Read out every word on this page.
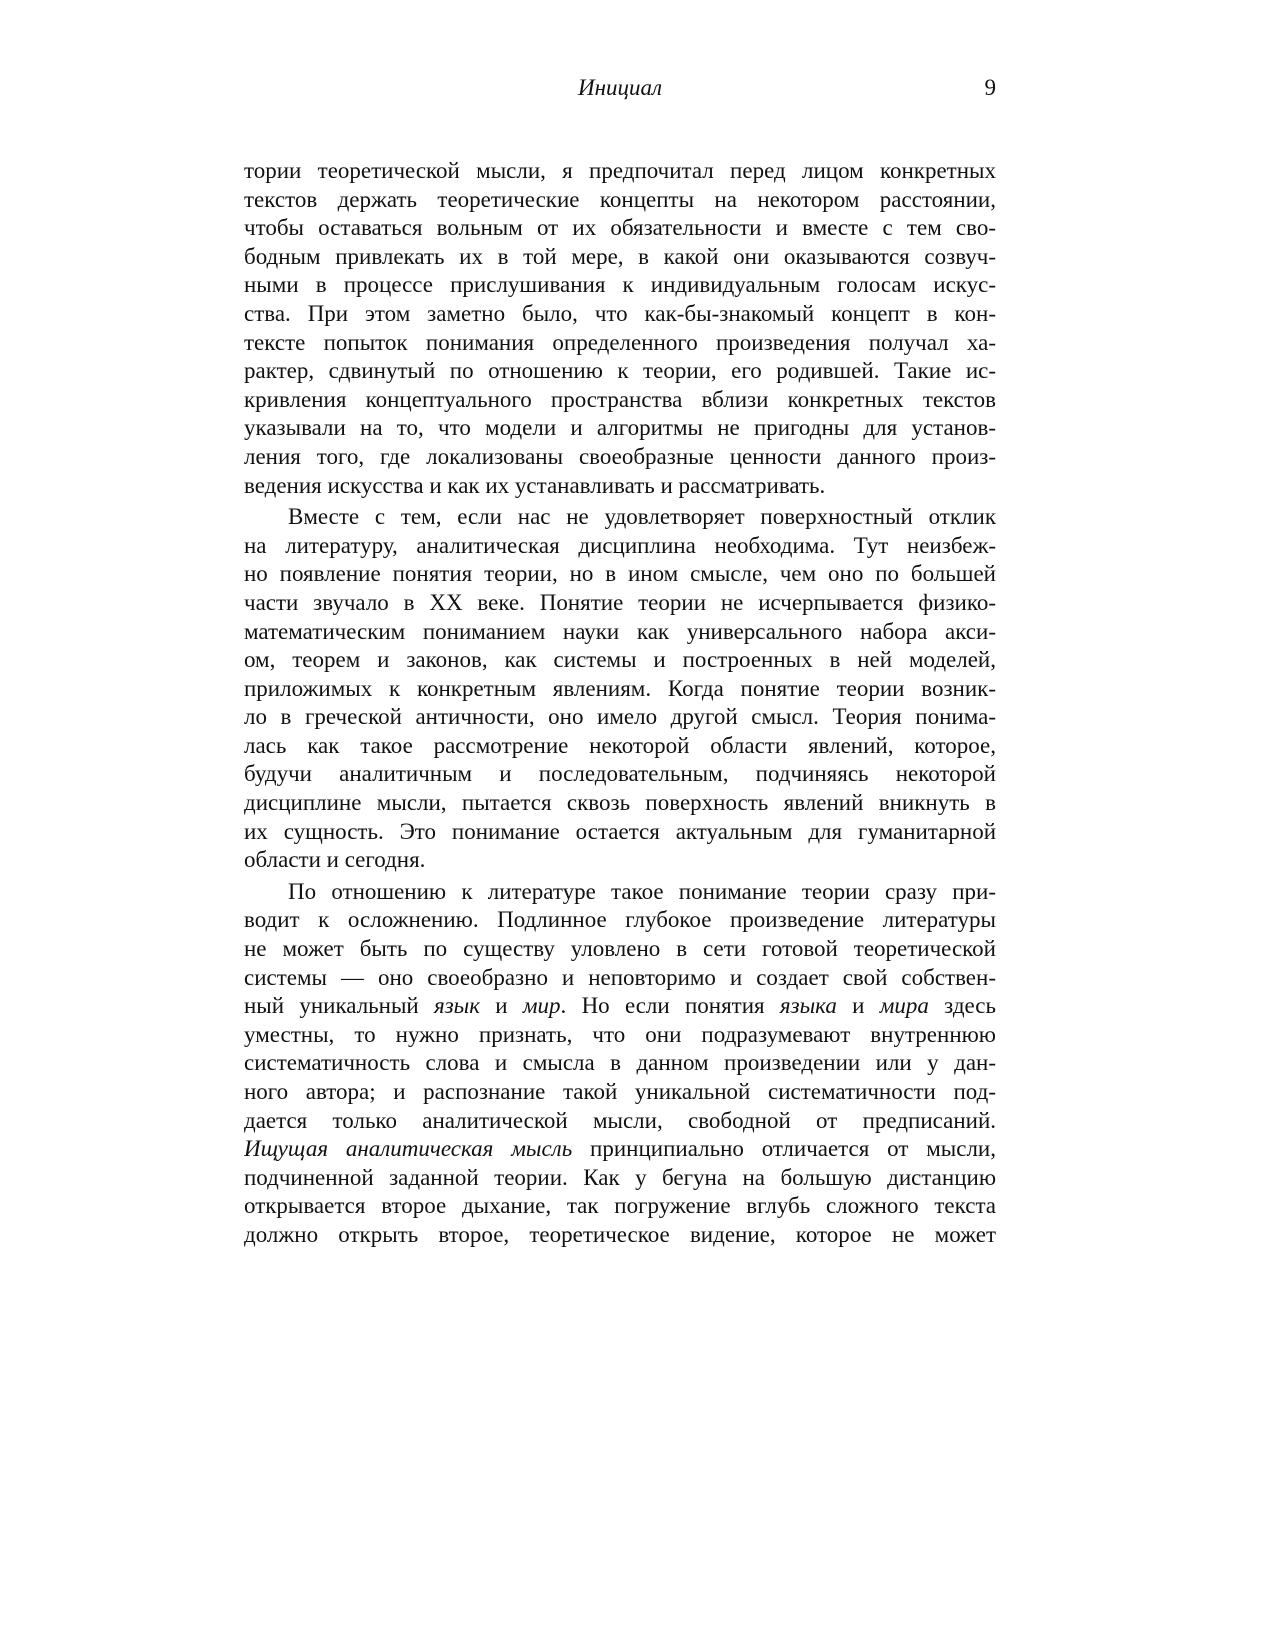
Инициал	9
тории теоретической мысли, я предпочитал перед лицом конкретных
текстов держать теоретические концепты на некотором расстоянии,
чтобы оставаться вольным от их обязательности и вместе с тем сво-
бодным привлекать их в той мере, в какой они оказываются созвуч-
ными в процессе прислушивания к индивидуальным голосам искус-
ства. При этом заметно было, что как-бы-знакомый концепт в кон-
тексте попыток понимания определенного произведения получал ха-
рактер, сдвинутый по отношению к теории, его родившей. Такие ис-
кривления концептуального пространства вблизи конкретных текстов
указывали на то, что модели и алгоритмы не пригодны для установ-
ления того, где локализованы своеобразные ценности данного произ-
ведения искусства и как их устанавливать и рассматривать.
Вместе с тем, если нас не удовлетворяет поверхностный отклик
на литературу, аналитическая дисциплина необходима. Тут неизбеж-
но появление понятия теории, но в ином смысле, чем оно по большей
части звучало в XX веке. Понятие теории не исчерпывается физико-
математическим пониманием науки как универсального набора акси-
ом, теорем и законов, как системы и построенных в ней моделей,
приложимых к конкретным явлениям. Когда понятие теории возник-
ло в греческой античности, оно имело другой смысл. Теория понима-
лась как такое рассмотрение некоторой области явлений, которое,
будучи аналитичным и последовательным, подчиняясь некоторой
дисциплине мысли, пытается сквозь поверхность явлений вникнуть в
их сущность. Это понимание остается актуальным для гуманитарной
области и сегодня.
По отношению к литературе такое понимание теории сразу при-
водит к осложнению. Подлинное глубокое произведение литературы
не может быть по существу уловлено в сети готовой теоретической
системы — оно своеобразно и неповторимо и создает свой собствен-
ный уникальный язык и мир. Но если понятия языка и мира здесь
уместны, то нужно признать, что они подразумевают внутреннюю
систематичность слова и смысла в данном произведении или у дан-
ного автора; и распознание такой уникальной систематичности под-
дается только аналитической мысли, свободной от предписаний.
Ищущая аналитическая мысль принципиально отличается от мысли,
подчиненной заданной теории. Как у бегуна на большую дистанцию
открывается второе дыхание, так погружение вглубь сложного текста
должно открыть второе, теоретическое видение, которое не может
